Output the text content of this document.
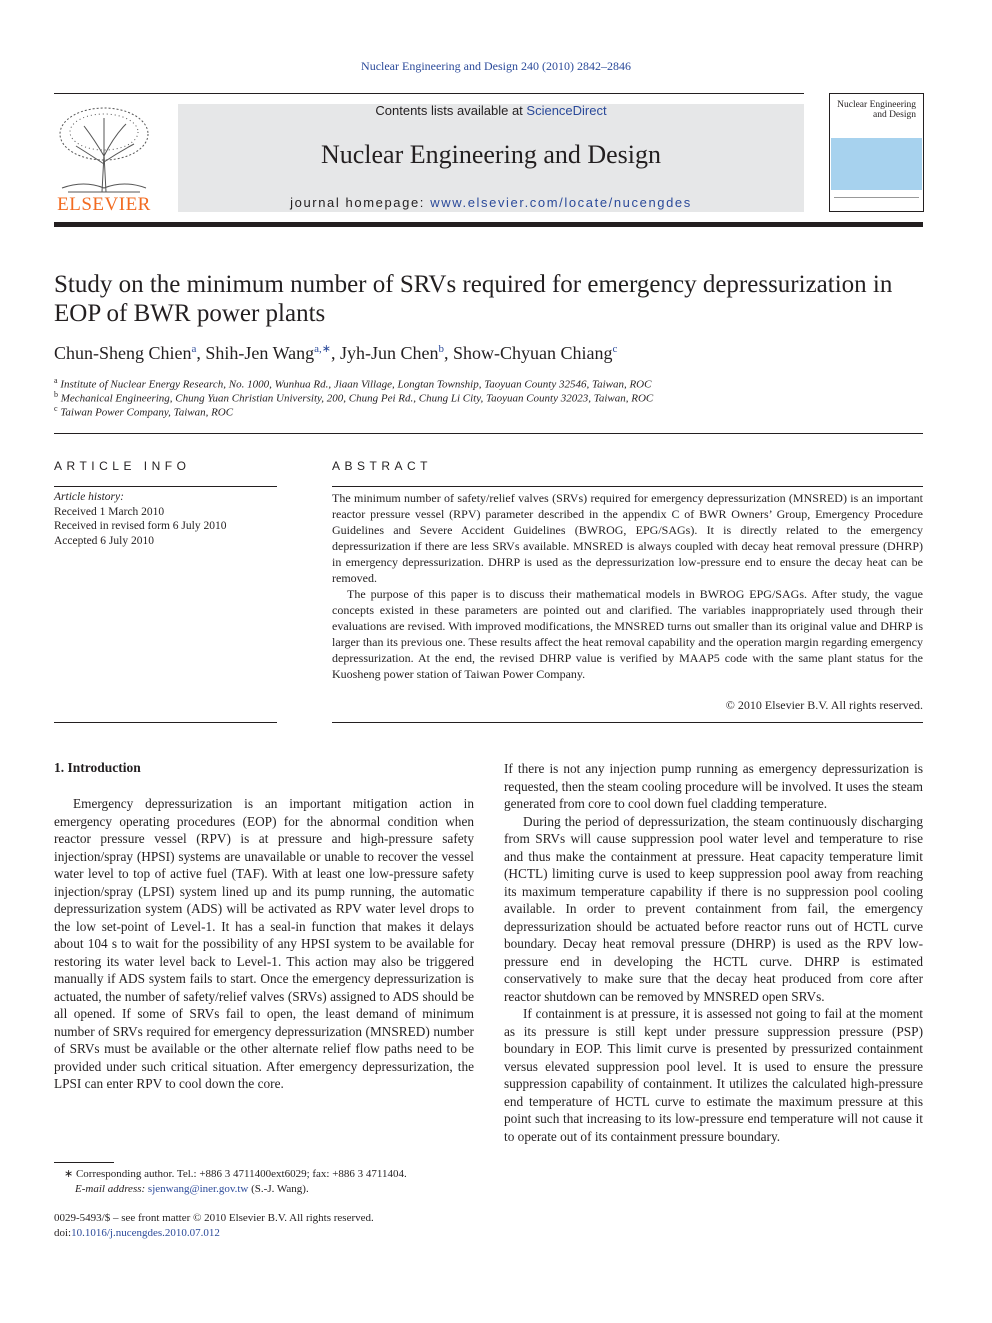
Nuclear Engineering and Design 240 (2010) 2842–2846
ELSEVIER
Contents lists available at ScienceDirect
Nuclear Engineering and Design
journal homepage: www.elsevier.com/locate/nucengdes
Nuclear Engineering and Design
Study on the minimum number of SRVs required for emergency depressurization in EOP of BWR power plants
Chun-Sheng Chien$^a$, Shih-Jen Wang$^{a,∗}$, Jyh-Jun Chen$^b$, Show-Chyuan Chiang$^c$
$^a$ Institute of Nuclear Energy Research, No. 1000, Wunhua Rd., Jiaan Village, Longtan Township, Taoyuan County 32546, Taiwan, ROC
$^b$ Mechanical Engineering, Chung Yuan Christian University, 200, Chung Pei Rd., Chung Li City, Taoyuan County 32023, Taiwan, ROC
$^c$ Taiwan Power Company, Taiwan, ROC
ARTICLE INFO
Article history:
Received 1 March 2010
Received in revised form 6 July 2010
Accepted 6 July 2010
ABSTRACT

The minimum number of safety/relief valves (SRVs) required for emergency depressurization (MNSRED) is an important reactor pressure vessel (RPV) parameter described in the appendix C of BWR Owners’ Group, Emergency Procedure Guidelines and Severe Accident Guidelines (BWROG, EPG/SAGs). It is directly related to the emergency depressurization if there are less SRVs available. MNSRED is always coupled with decay heat removal pressure (DHRP) in emergency depressurization. DHRP is used as the depressurization low-pressure end to ensure the decay heat can be removed.

The purpose of this paper is to discuss their mathematical models in BWROG EPG/SAGs. After study, the vague concepts existed in these parameters are pointed out and clarified. The variables inappropriately used through their evaluations are revised. With improved modifications, the MNSRED turns out smaller than its original value and DHRP is larger than its previous one. These results affect the heat removal capability and the operation margin regarding emergency depressurization. At the end, the revised DHRP value is verified by MAAP5 code with the same plant status for the Kuosheng power station of Taiwan Power Company.

© 2010 Elsevier B.V. All rights reserved.
1. Introduction

Emergency depressurization is an important mitigation action in emergency operating procedures (EOP) for the abnormal condition when reactor pressure vessel (RPV) is at pressure and high-pressure safety injection/spray (HPSI) systems are unavailable or unable to recover the vessel water level to top of active fuel (TAF). With at least one low-pressure safety injection/spray (LPSI) system lined up and its pump running, the automatic depressurization system (ADS) will be activated as RPV water level drops to the low set-point of Level-1. It has a seal-in function that makes it delays about 104 s to wait for the possibility of any HPSI system to be available for restoring its water level back to Level-1. This action may also be triggered manually if ADS system fails to start. Once the emergency depressurization is actuated, the number of safety/relief valves (SRVs) assigned to ADS should be all opened. If some of SRVs fail to open, the least demand of minimum number of SRVs required for emergency depressurization (MNSRED) number of SRVs must be available or the other alternate relief flow paths need to be provided under such critical situation. After emergency depressurization, the LPSI can enter RPV to cool down the core.

If there is not any injection pump running as emergency depressurization is requested, then the steam cooling procedure will be involved. It uses the steam generated from core to cool down fuel cladding temperature.

During the period of depressurization, the steam continuously discharging from SRVs will cause suppression pool water level and temperature to rise and thus make the containment at pressure. Heat capacity temperature limit (HCTL) limiting curve is used to keep suppression pool away from reaching its maximum temperature capability if there is no suppression pool cooling available. In order to prevent containment from fail, the emergency depressurization should be actuated before reactor runs out of HCTL curve boundary. Decay heat removal pressure (DHRP) is used as the RPV low-pressure end in developing the HCTL curve. DHRP is estimated conservatively to make sure that the decay heat produced from core after reactor shutdown can be removed by MNSRED open SRVs.

If containment is at pressure, it is assessed not going to fail at the moment as its pressure is still kept under pressure suppression pressure (PSP) boundary in EOP. This limit curve is presented by pressurized containment versus elevated suppression pool level. It is used to ensure the pressure suppression capability of containment. It utilizes the calculated high-pressure end temperature of HCTL curve to estimate the maximum pressure at this point such that increasing to its low-pressure end temperature will not cause it to operate out of its containment pressure boundary.

∗ Corresponding author. Tel.: +886 3 4711400ext6029; fax: +886 3 4711404.
E-mail address: sjenwang@iner.gov.tw (S.-J. Wang).
0029-5493/$ – see front matter © 2010 Elsevier B.V. All rights reserved.
doi:10.1016/j.nucengdes.2010.07.012
